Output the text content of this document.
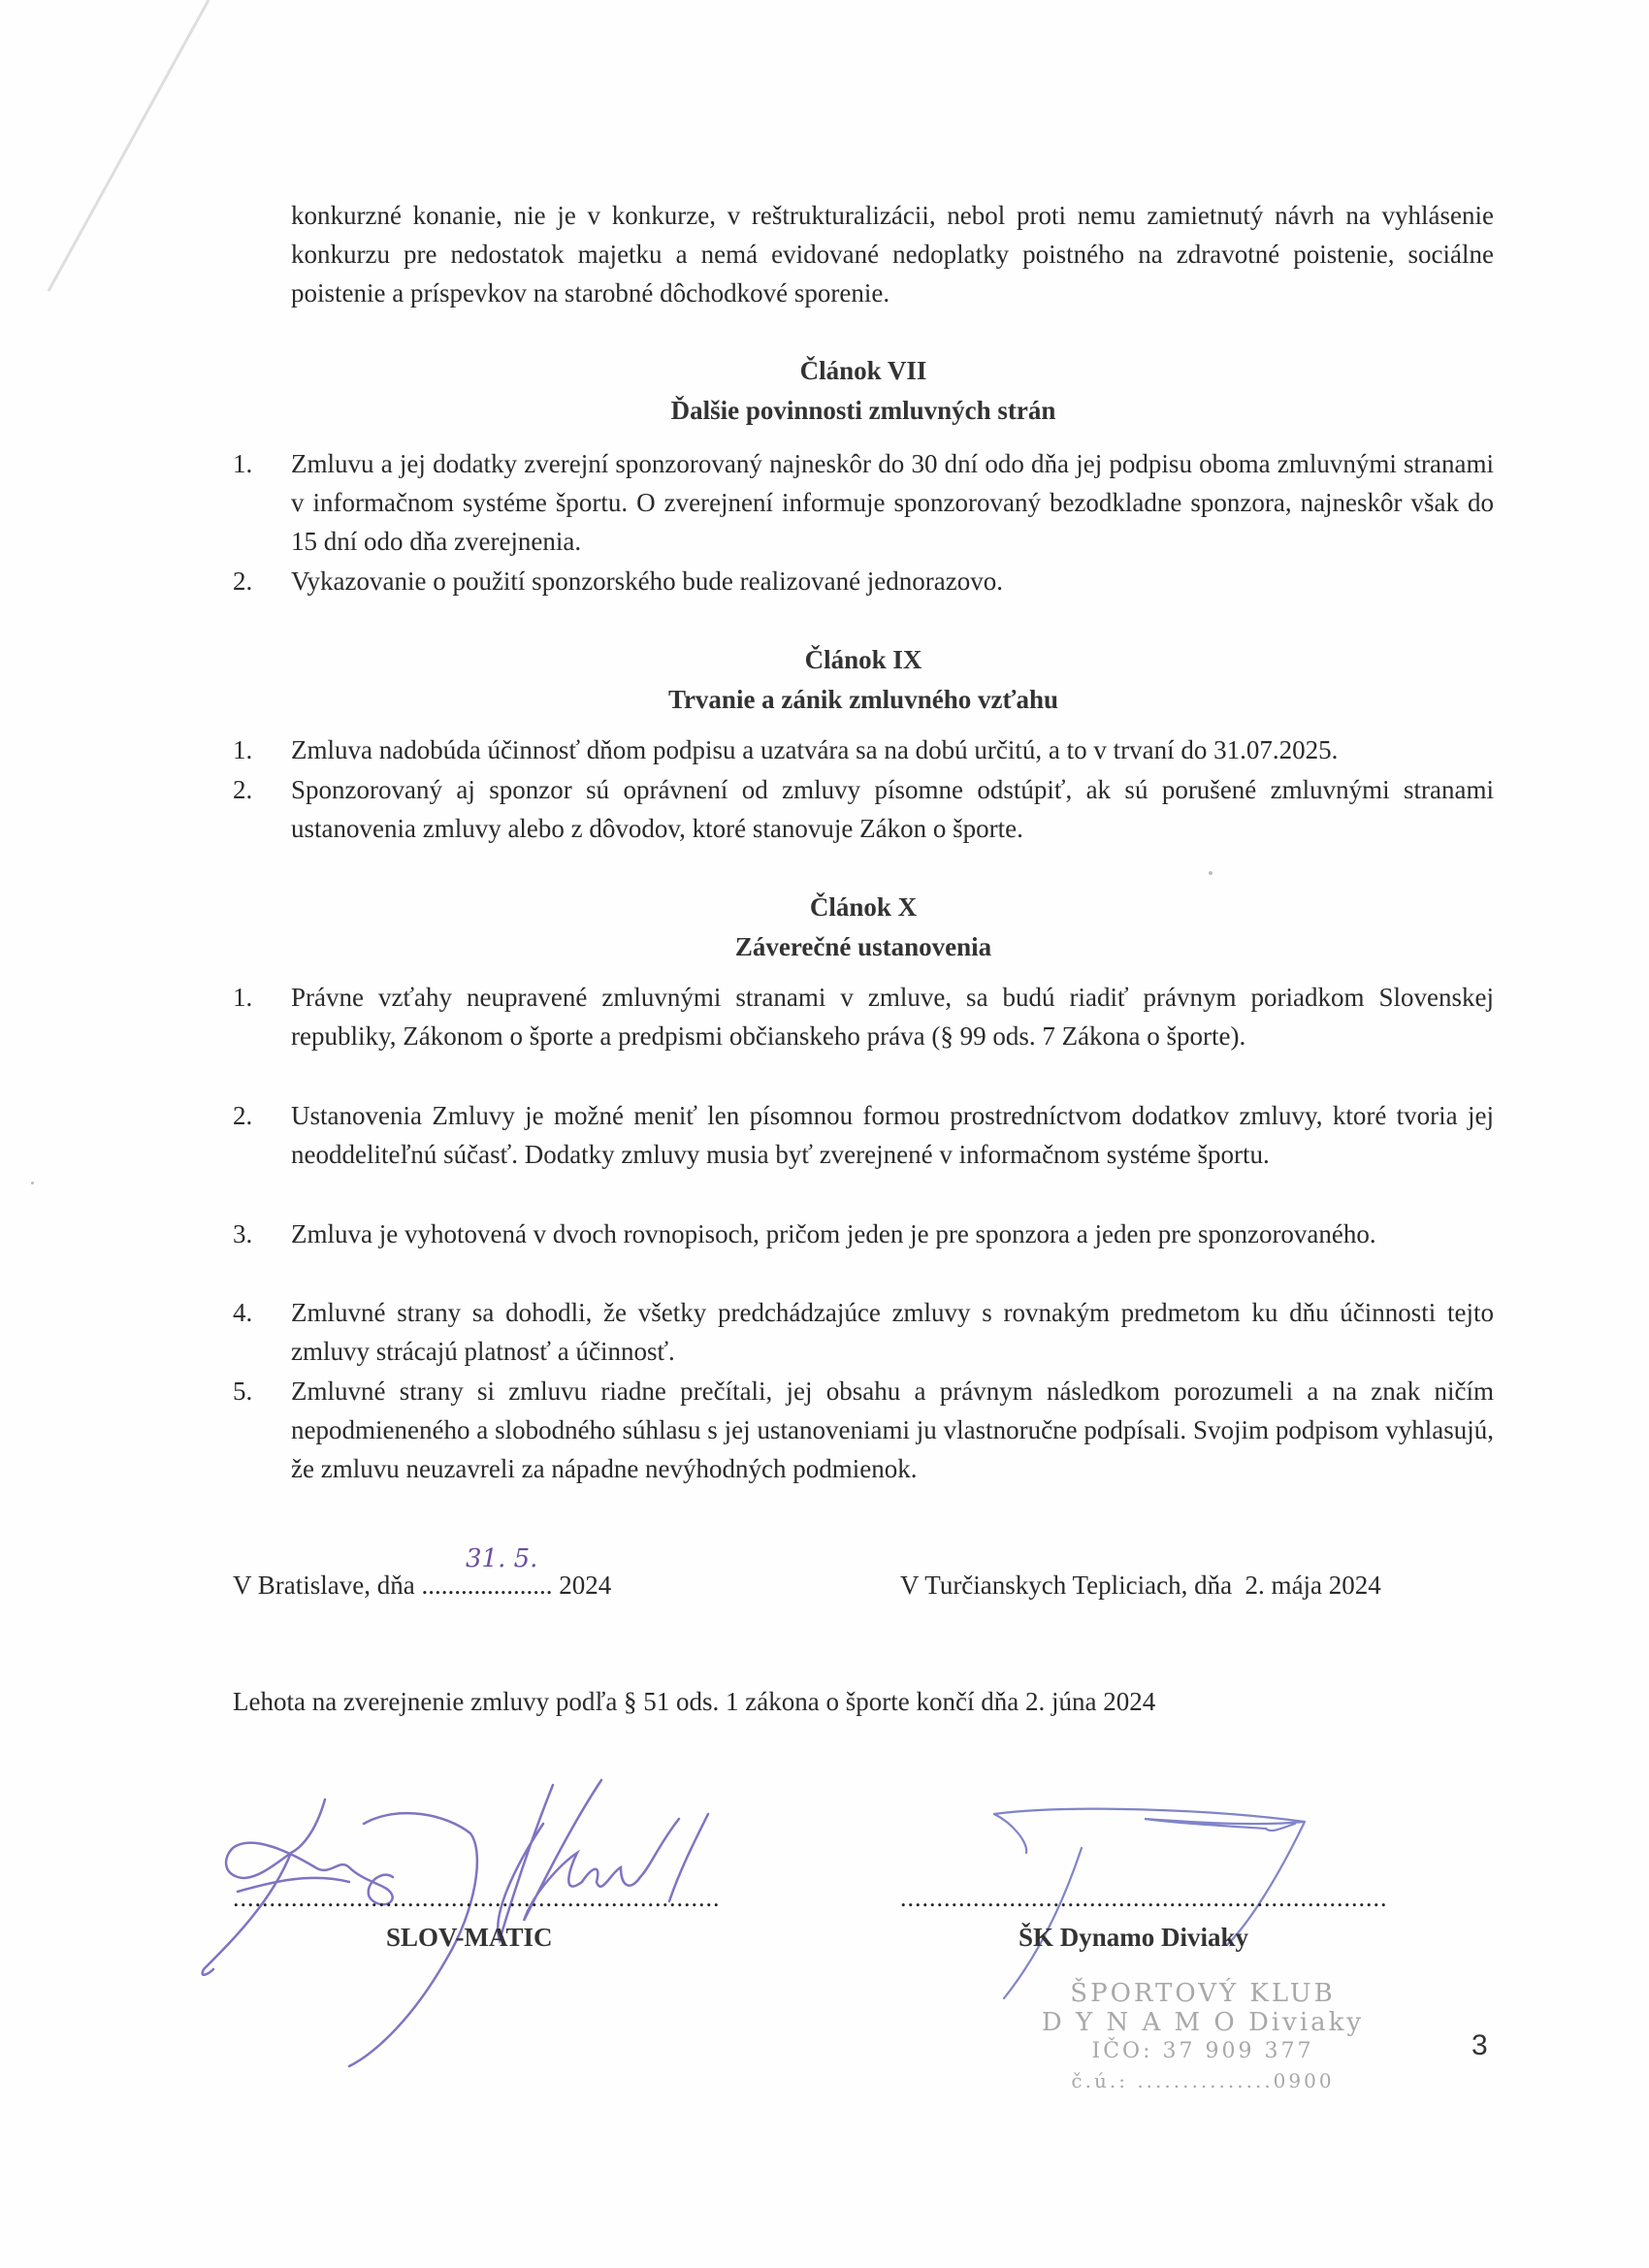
konkurzné konanie, nie je v konkurze, v reštrukturalizácii, nebol proti nemu zamietnutý návrh na vyhlásenie konkurzu pre nedostatok majetku a nemá evidované nedoplatky poistného na zdravotné poistenie, sociálne poistenie a príspevkov na starobné dôchodkové sporenie.
Článok VII
Ďalšie povinnosti zmluvných strán
1.	Zmluvu a jej dodatky zverejní sponzorovaný najneskôr do 30 dní odo dňa jej podpisu oboma zmluvnými stranami v informačnom systéme športu. O zverejnení informuje sponzorovaný bezodkladne sponzora, najneskôr však do 15 dní odo dňa zverejnenia.
2.	Vykazovanie o použití sponzorského bude realizované jednorazovo.
Článok IX
Trvanie a zánik zmluvného vzťahu
1.	Zmluva nadobúda účinnosť dňom podpisu a uzatvára sa na dobú určitú, a to v trvaní do 31.07.2025.
2.	Sponzorovaný aj sponzor sú oprávnení od zmluvy písomne odstúpiť, ak sú porušené zmluvnými stranami ustanovenia zmluvy alebo z dôvodov, ktoré stanovuje Zákon o športe.
Článok X
Záverečné ustanovenia
1.	Právne vzťahy neupravené zmluvnými stranami v zmluve, sa budú riadiť právnym poriadkom Slovenskej republiky, Zákonom o športe a predpismi občianskeho práva (§ 99 ods. 7 Zákona o športe).
2.	Ustanovenia Zmluvy je možné meniť len písomnou formou prostredníctvom dodatkov zmluvy, ktoré tvoria jej neoddeliteľnú súčasť. Dodatky zmluvy musia byť zverejnené v informačnom systéme športu.
3.	Zmluva je vyhotovená v dvoch rovnopisoch, pričom jeden je pre sponzora a jeden pre sponzorovaného.
4.	Zmluvné strany sa dohodli, že všetky predchádzajúce zmluvy s rovnakým predmetom ku dňu účinnosti tejto zmluvy strácajú platnosť a účinnosť.
5.	Zmluvné strany si zmluvu riadne prečítali, jej obsahu a právnym následkom porozumeli a na znak ničím nepodmieneného a slobodného súhlasu s jej ustanoveniami ju vlastnoručne podpísali. Svojim podpisom vyhlasujú, že zmluvu neuzavreli za nápadne nevýhodných podmienok.
V Bratislave, dňa .................... 2024
31. 5.
V Turčianskych Tepliciach, dňa  2. mája 2024
Lehota na zverejnenie zmluvy podľa § 51 ods. 1 zákona o športe končí dňa 2. júna 2024
...................................................................
SLOV-MATIC
...................................................................
ŠK Dynamo Diviaky
ŠPORTOVÝ KLUB
D Y N A M O Diviaky
IČO: 37 909 377
č.ú.: ...............0900
3
